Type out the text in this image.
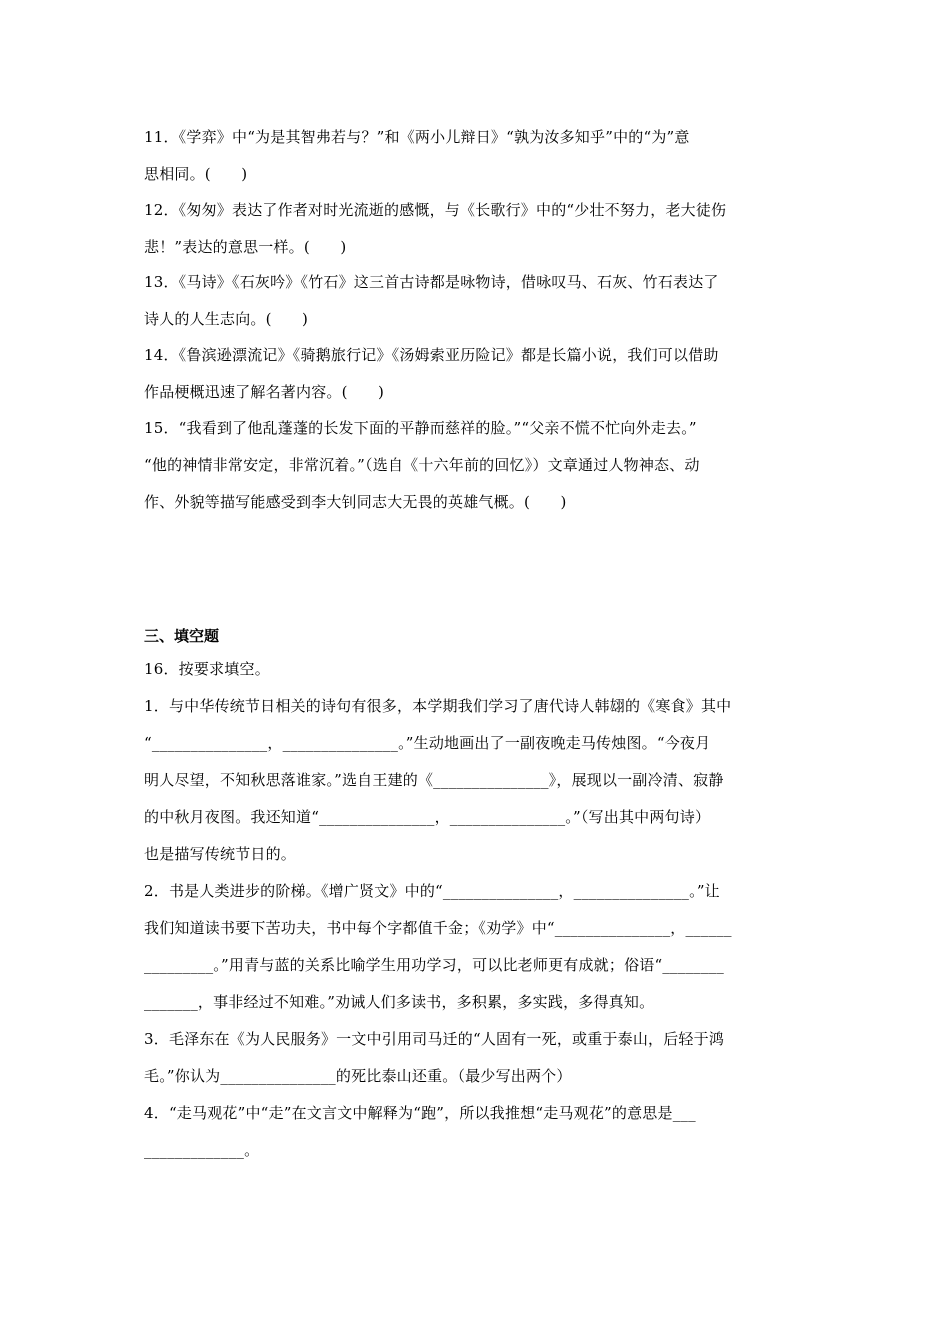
11．《学弈》中“为是其智弗若与？”和《两小儿辩日》“孰为汝多知乎”中的“为”意
思相同。(　　)
12．《匆匆》表达了作者对时光流逝的感慨，与《长歌行》中的“少壮不努力，老大徒伤
悲！”表达的意思一样。(　　)
13．《马诗》《石灰吟》《竹石》这三首古诗都是咏物诗，借咏叹马、石灰、竹石表达了
诗人的人生志向。(　　)
14．《鲁滨逊漂流记》《骑鹅旅行记》《汤姆索亚历险记》都是长篇小说，我们可以借助
作品梗概迅速了解名著内容。(　　)
15．“我看到了他乱蓬蓬的长发下面的平静而慈祥的脸。”“父亲不慌不忙向外走去。”
“他的神情非常安定，非常沉着。”（选自《十六年前的回忆》）文章通过人物神态、动
作、外貌等描写能感受到李大钊同志大无畏的英雄气概。(　　)
三、填空题
16．按要求填空。
1．与中华传统节日相关的诗句有很多，本学期我们学习了唐代诗人韩翃的《寒食》其中
“_______________，_______________。”生动地画出了一副夜晚走马传烛图。“今夜月
明人尽望，不知秋思落谁家。”选自王建的《_______________》，展现以一副冷清、寂静
的中秋月夜图。我还知道“_______________，_______________。”（写出其中两句诗）
也是描写传统节日的。
2．书是人类进步的阶梯。《增广贤文》中的“_______________，_______________。”让
我们知道读书要下苦功夫，书中每个字都值千金；《劝学》中“_______________，______
_________。”用青与蓝的关系比喻学生用功学习，可以比老师更有成就；俗语“________
_______，事非经过不知难。”劝诫人们多读书，多积累，多实践，多得真知。
3．毛泽东在《为人民服务》一文中引用司马迁的“人固有一死，或重于泰山，后轻于鸿
毛。”你认为_______________的死比泰山还重。（最少写出两个）
4．“走马观花”中“走”在文言文中解释为“跑”，所以我推想“走马观花”的意思是___
_____________。
